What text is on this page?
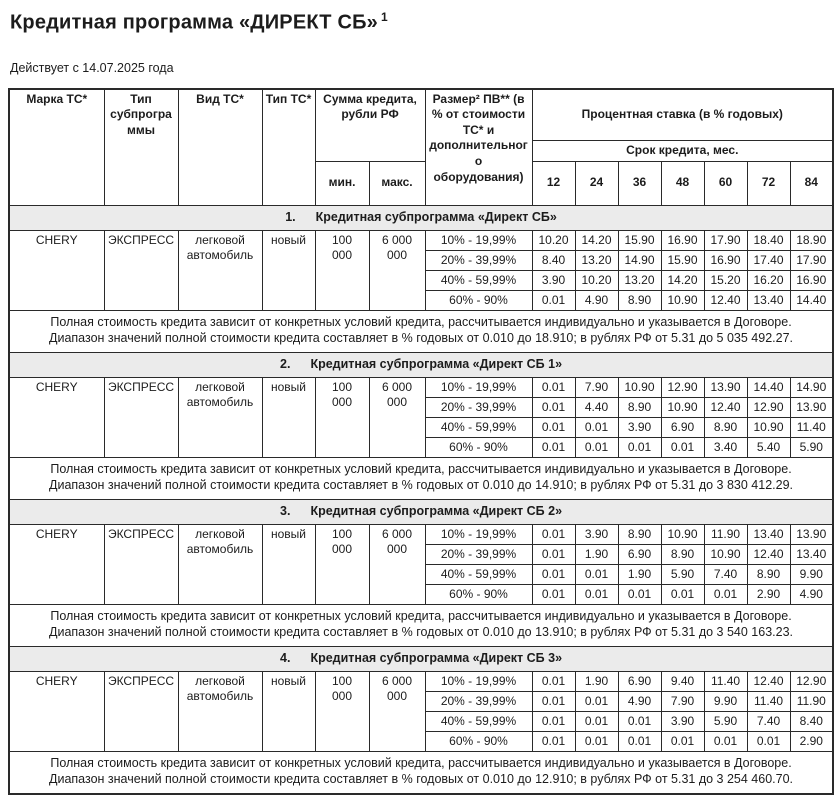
Кредитная программа «ДИРЕКТ СБ» $^1$
Действует с 14.07.2025 года
Марка ТС*	Тип субпрограммы	Вид ТС*	Тип ТС*	Сумма кредита, рубли РФ		Размер² ПВ** (в % от стоимости ТС* и дополнительного оборудования)	Процентная ставка (в % годовых)						
							Срок кредита, мес.						
				мин.	макс.		12	24	36	48	60	72	84

1. Кредитная субпрограмма «Директ СБ»													

CHERY	ЭКСПРЕСС	легковой автомобиль	новый	100 000	6 000 000	10% - 19,99%	10.20	14.20	15.90	16.90	17.90	18.40	18.90
						20% - 39,99%	8.40	13.20	14.90	15.90	16.90	17.40	17.90
						40% - 59,99%	3.90	10.20	13.20	14.20	15.20	16.20	16.90
						60% - 90%	0.01	4.90	8.90	10.90	12.40	13.40	14.40
Полная стоимость кредита зависит от конкретных условий кредита, рассчитывается индивидуально и указывается в Договоре. Диапазон значений полной стоимости кредита составляет в % годовых от 0.010 до 18.910; в рублях РФ от 5.31 до 5 035 492.27.													

2. Кредитная субпрограмма «Директ СБ 1»													

CHERY	ЭКСПРЕСС	легковой автомобиль	новый	100 000	6 000 000	10% - 19,99%	0.01	7.90	10.90	12.90	13.90	14.40	14.90
						20% - 39,99%	0.01	4.40	8.90	10.90	12.40	12.90	13.90
						40% - 59,99%	0.01	0.01	3.90	6.90	8.90	10.90	11.40
						60% - 90%	0.01	0.01	0.01	0.01	3.40	5.40	5.90
Полная стоимость кредита зависит от конкретных условий кредита, рассчитывается индивидуально и указывается в Договоре. Диапазон значений полной стоимости кредита составляет в % годовых от 0.010 до 14.910; в рублях РФ от 5.31 до 3 830 412.29.													

3. Кредитная субпрограмма «Директ СБ 2»													

CHERY	ЭКСПРЕСС	легковой автомобиль	новый	100 000	6 000 000	10% - 19,99%	0.01	3.90	8.90	10.90	11.90	13.40	13.90
						20% - 39,99%	0.01	1.90	6.90	8.90	10.90	12.40	13.40
						40% - 59,99%	0.01	0.01	1.90	5.90	7.40	8.90	9.90
						60% - 90%	0.01	0.01	0.01	0.01	0.01	2.90	4.90
Полная стоимость кредита зависит от конкретных условий кредита, рассчитывается индивидуально и указывается в Договоре. Диапазон значений полной стоимости кредита составляет в % годовых от 0.010 до 13.910; в рублях РФ от 5.31 до 3 540 163.23.													

4. Кредитная субпрограмма «Директ СБ 3»													

CHERY	ЭКСПРЕСС	легковой автомобиль	новый	100 000	6 000 000	10% - 19,99%	0.01	1.90	6.90	9.40	11.40	12.40	12.90
						20% - 39,99%	0.01	0.01	4.90	7.90	9.90	11.40	11.90
						40% - 59,99%	0.01	0.01	0.01	3.90	5.90	7.40	8.40
						60% - 90%	0.01	0.01	0.01	0.01	0.01	0.01	2.90
Полная стоимость кредита зависит от конкретных условий кредита, рассчитывается индивидуально и указывается в Договоре. Диапазон значений полной стоимости кредита составляет в % годовых от 0.010 до 12.910; в рублях РФ от 5.31 до 3 254 460.70.													
